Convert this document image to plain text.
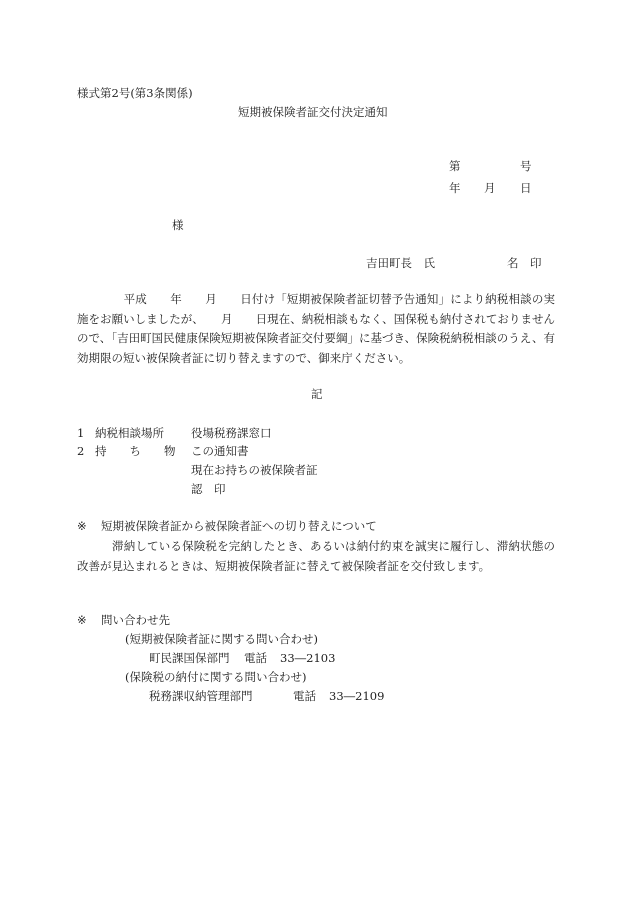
様式第2号(第3条関係)
短期被保険者証交付決定通知
第	号
年 月 日
様
吉田町長　氏	名 印

　　　　平成　　年　　月　　日付け「短期被保険者証切替予告通知」により納税相談の実施をお願いしましたが、　　月　　日現在、納税相談もなく、国保税も納付されておりませんので、「吉田町国民健康保険短期被保険者証交付要綱」に基づき、保険税納税相談のうえ、有効期限の短い被保険者証に切り替えますので、御来庁ください。

記
1 納税相談場所 役場税務課窓口
2 持　　ち　　物 この通知書
現在お持ちの被保険者証
認　印
※ 短期被保険者証から被保険者証への切り替えについて

　　　滞納している保険税を完納したとき、あるいは納付約束を誠実に履行し、滞納状態の改善が見込まれるときは、短期被保険者証に替えて被保険者証を交付致します。

※ 問い合わせ先
(短期被保険者証に関する問い合わせ)
町民課国保部門 電話 33―2103
(保険税の納付に関する問い合わせ)
税務課収納管理部門	電話 33―2109
